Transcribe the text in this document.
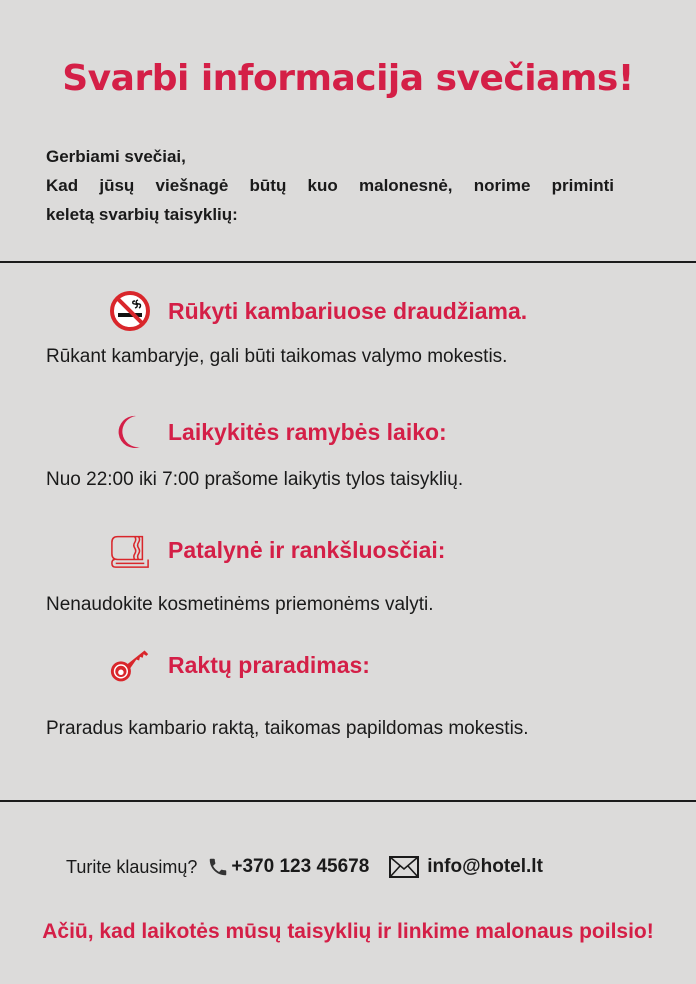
Svarbi informacija svečiams!
Gerbiami svečiai,
Kad jūsų viešnagė būtų kuo malonesnė, norime priminti
keletą svarbių taisyklių:
Rūkyti kambariuose draudžiama.
Rūkant kambaryje, gali būti taikomas valymo mokestis.
Laikykitės ramybės laiko:
Nuo 22:00 iki 7:00 prašome laikytis tylos taisyklių.
Patalynė ir rankšluosčiai:
Nenaudokite kosmetinėms priemonėms valyti.
Raktų praradimas:
Praradus kambario raktą, taikomas papildomas mokestis.
Turite klausimų? +370 123 45678	info@hotel.lt
Ačiū, kad laikotės mūsų taisyklių ir linkime malonaus poilsio!
